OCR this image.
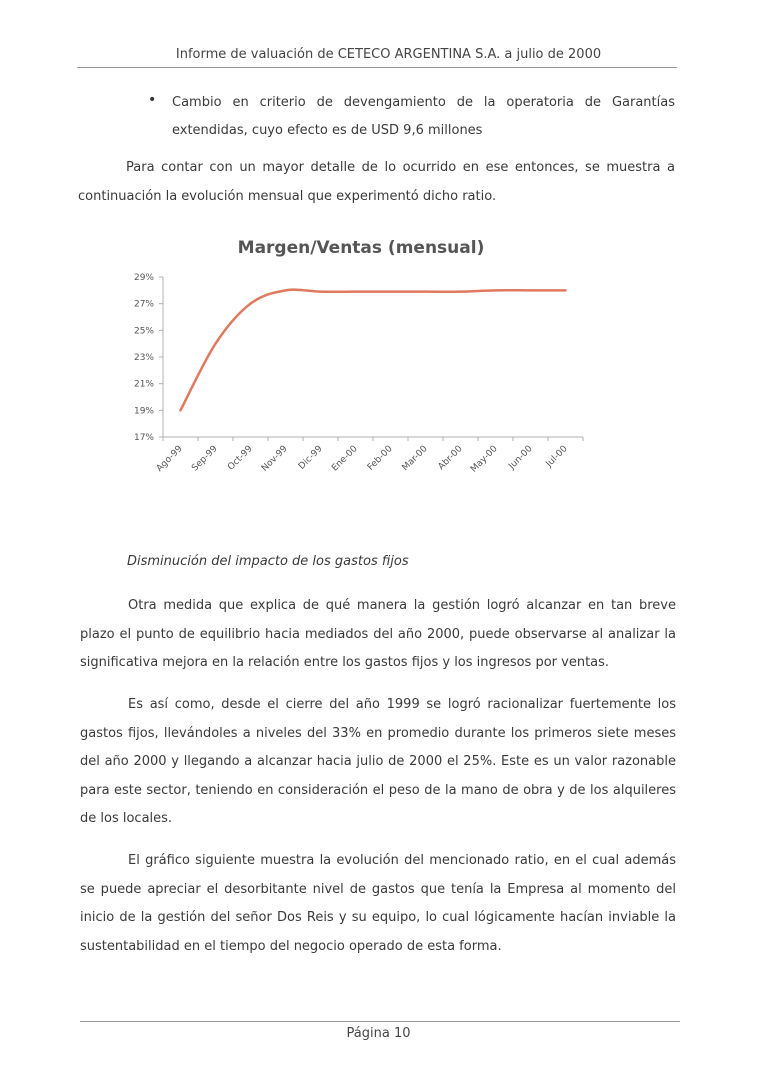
Informe de valuación de CETECO ARGENTINA S.A. a julio de 2000
• Cambio en criterio de devengamiento de la operatoria de Garantías extendidas, cuyo efecto es de USD 9,6 millones

Para contar con un mayor detalle de lo ocurrido en ese entonces, se muestra a continuación la evolución mensual que experimentó dicho ratio.

Margen/Ventas (mensual)
17%
19%
21%
23%
25%
27%
29%
Ago-99 Sep-99 Oct-99 Nov-99 Dic-99 Ene-00 Feb-00 Mar-00 Abr-00 May-00 Jun-00 Jul-00
Disminución del impacto de los gastos fijos

Otra medida que explica de qué manera la gestión logró alcanzar en tan breve plazo el punto de equilibrio hacia mediados del año 2000, puede observarse al analizar la significativa mejora en la relación entre los gastos fijos y los ingresos por ventas.

Es así como, desde el cierre del año 1999 se logró racionalizar fuertemente los gastos fijos, llevándoles a niveles del 33% en promedio durante los primeros siete meses del año 2000 y llegando a alcanzar hacia julio de 2000 el 25%. Este es un valor razonable para este sector, teniendo en consideración el peso de la mano de obra y de los alquileres de los locales.

El gráfico siguiente muestra la evolución del mencionado ratio, en el cual además se puede apreciar el desorbitante nivel de gastos que tenía la Empresa al momento del inicio de la gestión del señor Dos Reis y su equipo, lo cual lógicamente hacían inviable la sustentabilidad en el tiempo del negocio operado de esta forma.

Página 10
